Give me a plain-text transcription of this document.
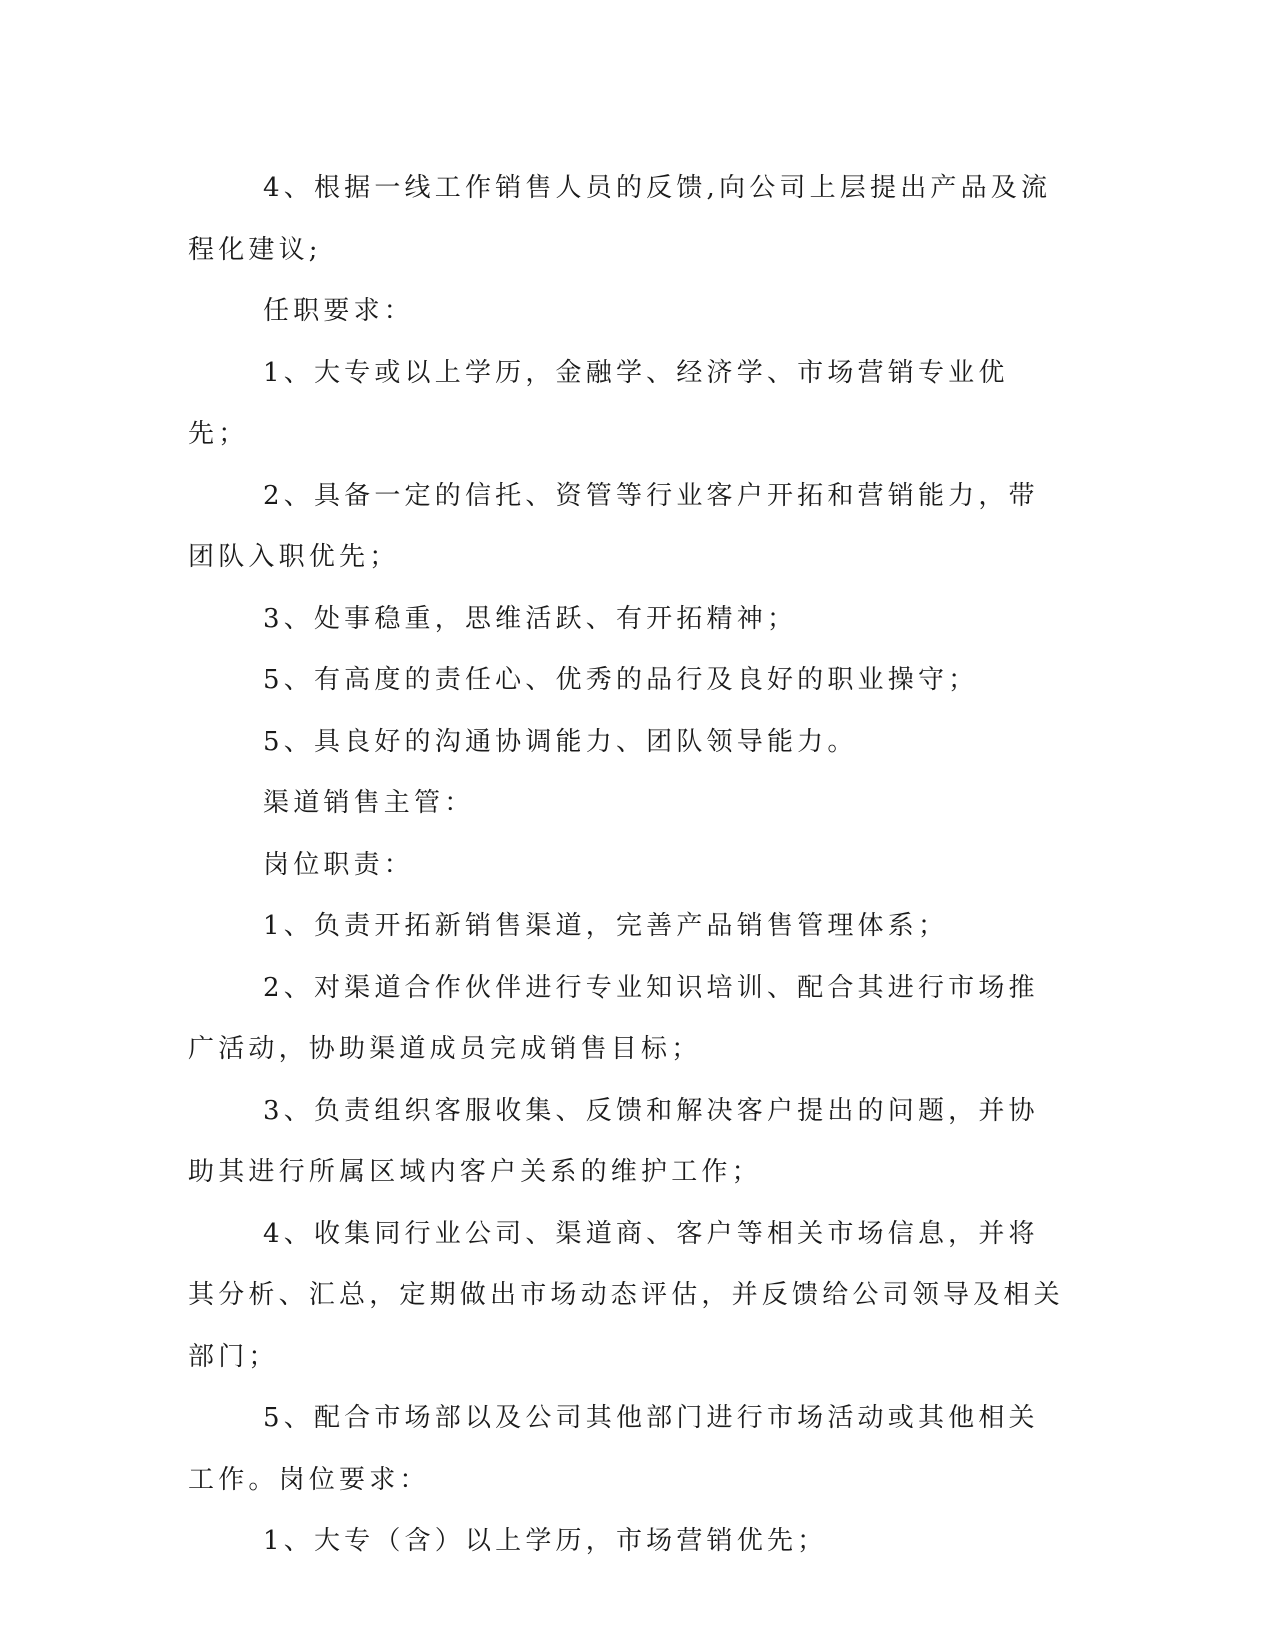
4、根据一线工作销售人员的反馈,向公司上层提出产品及流程化建议;

任职要求：

1、大专或以上学历，金融学、经济学、市场营销专业优先；

2、具备一定的信托、资管等行业客户开拓和营销能力，带团队入职优先；

3、处事稳重，思维活跃、有开拓精神；

5、有高度的责任心、优秀的品行及良好的职业操守；

5、具良好的沟通协调能力、团队领导能力。

渠道销售主管：

岗位职责：

1、负责开拓新销售渠道，完善产品销售管理体系；

2、对渠道合作伙伴进行专业知识培训、配合其进行市场推广活动，协助渠道成员完成销售目标；

3、负责组织客服收集、反馈和解决客户提出的问题，并协助其进行所属区域内客户关系的维护工作；

4、收集同行业公司、渠道商、客户等相关市场信息，并将其分析、汇总，定期做出市场动态评估，并反馈给公司领导及相关部门；

5、配合市场部以及公司其他部门进行市场活动或其他相关工作。岗位要求：

1、大专（含）以上学历，市场营销优先；
